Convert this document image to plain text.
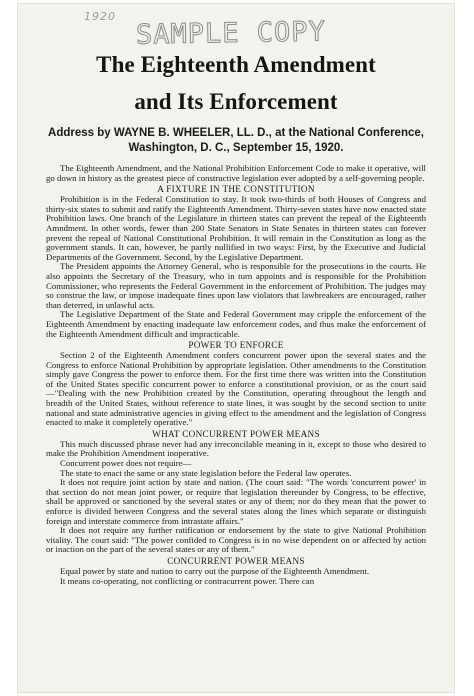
1920 SAMPLE COPY
The Eighteenth Amendment
and Its Enforcement
Address by WAYNE B. WHEELER, LL. D., at the National Conference, Washington, D. C., September 15, 1920.

The Eighteenth Amendment, and the National Prohibition Enforcement Code to make it operative, will go down in history as the greatest piece of constructive legislation ever adopted by a self-governing people.

A FIXTURE IN THE CONSTITUTION

Prohibition is in the Federal Constitution to stay. It took two-thirds of both Houses of Congress and thirty-six states to submit and ratify the Eighteenth Amendment. Thirty-seven states have now enacted state Prohibition laws. One branch of the Legislature in thirteen states can prevent the repeal of the Eighteenth Amndment. In other words, fewer than 200 State Senators in State Senates in thirteen states can forever prevent the repeal of National Constitutional Prohibition. It will remain in the Constitution as long as the government stands. It can, however, be partly nullified in two ways: First, by the Executive and Judicial Departments of the Government. Second, by the Legislative Department.

The President appoints the Attorney General, who is responsible for the prosecutions in the courts. He also appoints the Secretary of the Treasury, who in turn appoints and is responsible for the Prohibition Commissioner, who represents the Federal Government in the enforcement of Prohibition. The judges may so construe the law, or impose inadequate fines upon law violators that lawbreakers are encouraged, rather than deterred, in unlawful acts.

The Legislative Department of the State and Federal Government may cripple the enforcement of the Eighteenth Amendment by enacting inadequate law enforcement codes, and thus make the enforcement of the Eighteenth Amendment difficult and impracticable.

POWER TO ENFORCE

Section 2 of the Eighteenth Amendment confers concurrent power upon the several states and the Congress to enforce National Prohibition by appropriate legislation. Other amendments to the Constitution simply gave Congress the power to enforce them. For the first time there was written into the Constitution of the United States specific concurrent power to enforce a constitutional provision, or as the court said—"Dealing with the new Prohibition created by the Constitution, operating throughout the length and breadth of the United States, without reference to state lines, it was sought by the second section to unite national and state administrative agencies in giving effect to the amendment and the legislation of Congress enacted to make it completely operative."

WHAT CONCURRENT POWER MEANS

This much discussed phrase never had any irreconcilable meaning in it, except to those who desired to make the Prohibition Amendment inoperative.

Concurrent power does not require—

The state to enact the same or any state legislation before the Federal law operates.

It does not require joint action by state and nation. (The court said: "The words 'concurrent power' in that section do not mean joint power, or require that legislation thereunder by Congress, to be effective, shall be approved or sanctioned by the several states or any of them; nor do they mean that the power to enforce is divided between Congress and the several states along the lines which separate or distinguish foreign and interstate commerce from intrastate affairs."

It does not require any further ratification or endorsement by the state to give National Prohibition vitality. The court said: "The power confided to Congress is in no wise dependent on or affected by action or inaction on the part of the several states or any of them."

CONCURRENT POWER MEANS

Equal power by state and nation to carry out the purpose of the Eighteenth Amendment.

It means co-operating, not conflicting or contracurrent power. There can
